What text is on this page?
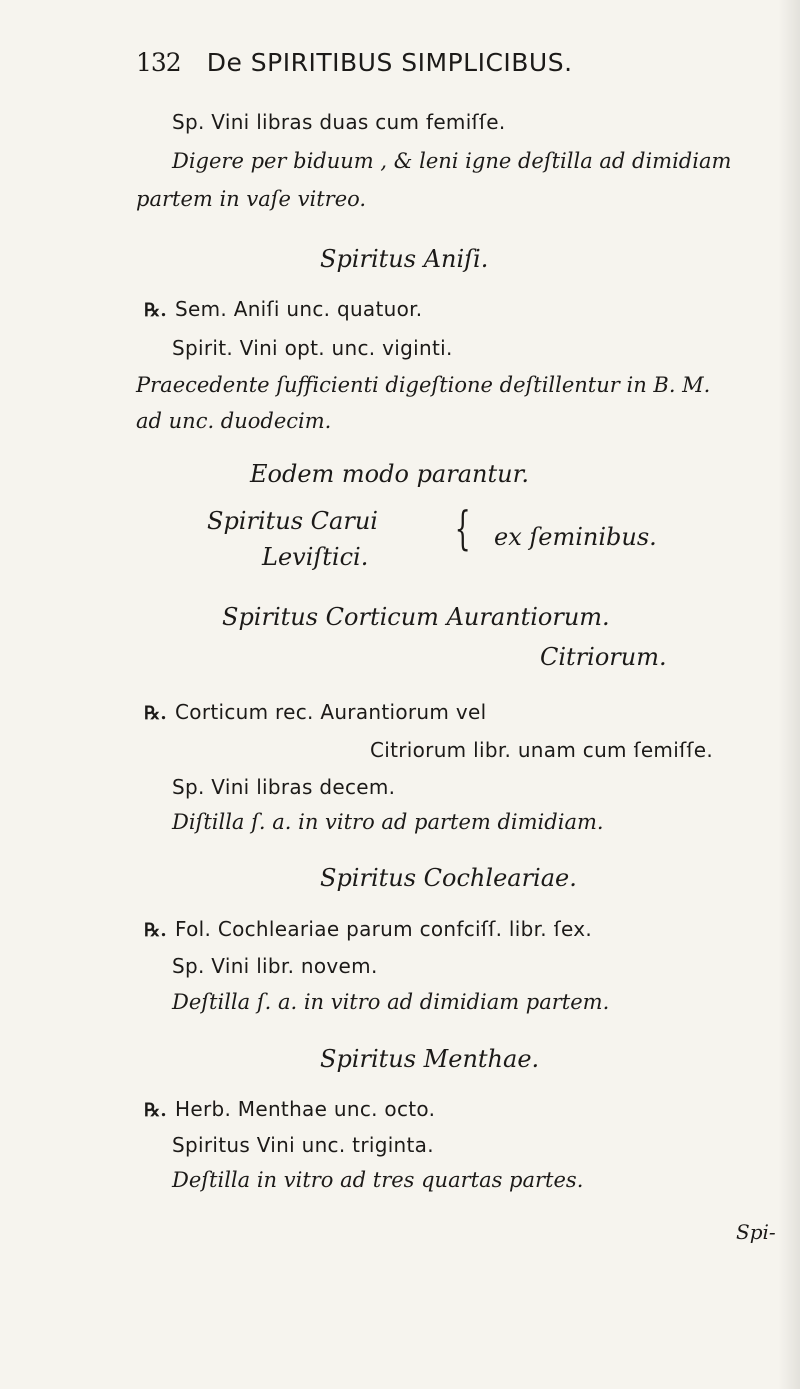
132 De SPIRITIBUS SIMPLICIBUS.
Sp. Vini libras duas cum femiſſe.
Digere per biduum , & leni igne deſtilla ad dimidiam
partem in vaſe vitreo.
Spiritus Aniſi.
℞. Sem. Aniſi unc. quatuor.
Spirit. Vini opt. unc. viginti.
Praecedente ſufficienti digeſtione deſtillentur in B. M.
ad unc. duodecim.
Eodem modo parantur.
Spiritus Carui
Leviſtici.
{ ex ſeminibus.
Spiritus Corticum Aurantiorum.
Citriorum.
℞. Corticum rec. Aurantiorum vel
Citriorum libr. unam cum ſemiſſe.
Sp. Vini libras decem.
Diſtilla ſ. a. in vitro ad partem dimidiam.
Spiritus Cochleariae.
℞. Fol. Cochleariae parum confciſſ. libr. ſex.
Sp. Vini libr. novem.
Deſtilla ſ. a. in vitro ad dimidiam partem.
Spiritus Menthae.
℞. Herb. Menthae unc. octo.
Spiritus Vini unc. triginta.
Deſtilla in vitro ad tres quartas partes.
Spi-
